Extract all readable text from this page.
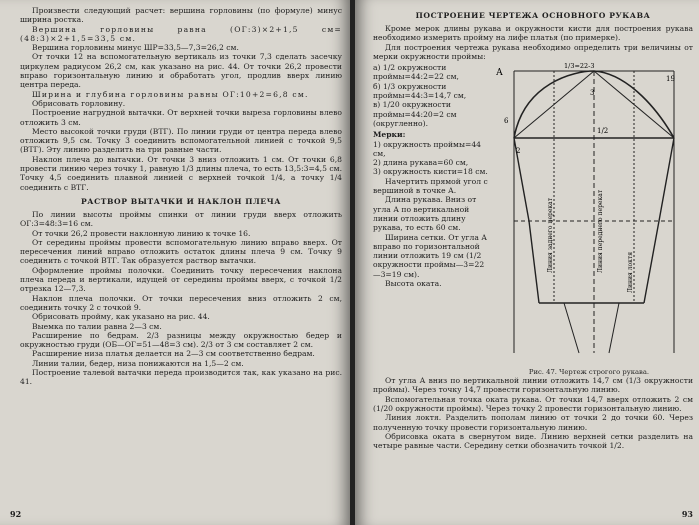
Произвести следующий расчет: вершина горловины (по формуле) минус ширина ростка.

Вершина горловины равна (ОГ:3)×2+1,5 см=(48:3)×2+1,5=33,5 см.

Вершина горловины минус ШР=33,5—7,3=26,2 см.

От точки 12 на вспомогательную вертикаль из точки 7,3 сделать засечку циркулем радиусом 26,2 см, как указано на рис. 44. От точки 26,2 провести вправо горизонтальную линию и обработать угол, продлив вверх линию центра переда.

Ширина и глубина горловины равны ОГ:10+2=6,8 см.

Обрисовать горловину.

Построение нагрудной вытачки. От верхней точки выреза горловины влево отложить 3 см.

Место высокой точки груди (ВТГ). По линии груди от центра переда влево отложить 9,5 см. Точку 3 соединить вспомогательной линией с точкой 9,5 (ВТГ). Эту линию разделить на три равные части.

Наклон плеча до вытачки. От точки 3 вниз отложить 1 см. От точки 6,8 провести линию через точку 1, равную 1/3 длины плеча, то есть 13,5:3=4,5 см. Точку 4,5 соединить плавной линией с верхней точкой 1/4, а точку 1/4 соединить с ВТГ.

РАСТВОР ВЫТАЧКИ И НАКЛОН ПЛЕЧА

По линии высоты проймы спинки от линии груди вверх отложить ОГ:3=48:3=16 см.

От точки 26,2 провести наклонную линию к точке 16.

От середины проймы провести вспомогательную линию вправо вверх. От пересечения линий вправо отложить остаток длины плеча 9 см. Точку 9 соединить с точкой ВТГ. Так образуется раствор вытачки.

Оформление проймы полочки. Соединить точку пересечения наклона плеча переда и вертикали, идущей от середины проймы вверх, с точкой 1/2 отрезка 12—7,3.

Наклон плеча полочки. От точки пересечения вниз отложить 2 см, соединить точку 2 с точкой 9.

Обрисовать пройму, как указано на рис. 44.

Выемка по талии равна 2—3 см.

Расширение по бедрам. 2/3 разницы между окружностью бедер и окружностью груди (ОБ—ОГ=51—48=3 см). 2/3 от 3 см составляет 2 см.

Расширение низа платья делается на 2—3 см соответственно бедрам.

Линии талии, бедер, низа понижаются на 1,5—2 см.

Построение талевой вытачки переда производится так, как указано на рис. 41.

92
ПОСТРОЕНИЕ ЧЕРТЕЖА ОСНОВНОГО РУКАВА

Кроме мерок длины рукава и окружности кисти для построения рукава необходимо измерить пройму на лифе платья (по примерке).

Для построения чертежа рукава необходимо определить три величины от мерки окружности проймы:

а) 1/2 окружности проймы=44:2=22 см,

б) 1/3 окружности проймы=44:3=14,7 см,

в) 1/20 окружности проймы=44:20=2 см (округленно).

Мерки:

1) окружность проймы=44 см,

2) длина рукава=60 см,

3) окружность кисти=18 см.

Начертить прямой угол с вершиной в точке А.

Длина рукава. Вниз от угла А по вертикальной линии отложить длину рукава, то есть 60 см.

Ширина сетки. От угла А вправо по горизонтальной линии отложить 19 см (1/2 окружности проймы—3=22—3=19 см).

Высота оката.

А
1/3=22-3
6
19
3
2
1/2
Линия заднего перекат	Линия переднего перекат	Линия локтя
Рис. 47. Чертеж строгого рукава.

От угла А вниз по вертикальной линии отложить 14,7 см (1/3 окружности проймы). Через точку 14,7 провести горизонтальную линию.

Вспомогательная точка оката рукава. От точки 14,7 вверх отложить 2 см (1/20 окружности проймы). Через точку 2 провести горизонтальную линию.

Линия локтя. Разделить пополам линию от точки 2 до точки 60. Через полученную точку провести горизонтальную линию.

Обрисовка оката в свернутом виде. Линию верхней сетки разделить на четыре равные части. Середину сетки обозначить точкой 1/2.

93
